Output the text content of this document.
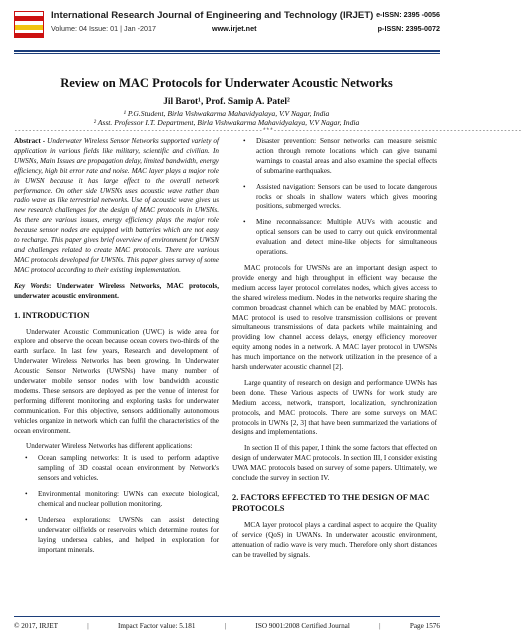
International Research Journal of Engineering and Technology (IRJET)
Volume: 04 Issue: 01 | Jan -2017	www.irjet.net
e-ISSN: 2395 -0056
p-ISSN: 2395-0072
Review on MAC Protocols for Underwater Acoustic Networks
Jil Barot¹, Prof. Samip A. Patel²
¹ P.G.Student, Birla Vishwakarma Mahavidyalaya, V.V Nagar, India
² Asst. Professor I.T. Department, Birla Vishwakarma Mahavidyalaya, V.V Nagar, India
---------------------------------------------------------------------***---------------------------------------------------------------------

Abstract - Underwater Wireless Sensor Networks supported variety of application in various fields like military, scientific and civilian. In UWSNs, Main Issues are propagation delay, limited bandwidth, energy efficiency, high bit error rate and noise. MAC layer plays a major role in UWSN because it has large effect to the overall network performance. On other side UWSNs uses acoustic wave rather than radio wave as like terrestrial networks. Use of acoustic wave gives us new research challenges for the design of MAC protocols in UWSNs. As there are various issues, energy efficiency plays the major role because sensor nodes are equipped with batteries which are not easy to recharge. This paper gives brief overview of environment for UWSN and challenges related to create MAC protocols. There are various MAC protocols developed for UWSNs. This paper gives survey of some MAC protocol according to their existing implementation.

Key Words: Underwater Wireless Networks, MAC protocols, underwater acoustic environment.

1. INTRODUCTION

Underwater Acoustic Communication (UWC) is wide area for explore and observe the ocean because ocean covers two-thirds of the earth surface. In last few years, Research and development of Underwater Wireless Networks has been growing. In Underwater Acoustic Sensor Networks (UWSNs) have many number of underwater mobile sensor nodes with low bandwidth acoustic modems. These sensors are deployed as per the venue of interest for performing different monitoring and exploring tasks for underwater communication. For this objective, sensors additionally autonomous vehicles organize in network which can fulfil the characteristics of the ocean environment.

Underwater Wireless Networks has different applications:

• Ocean sampling networks: It is used to perform adaptive sampling of 3D coastal ocean environment by Network's sensors and vehicles.
• Environmental monitoring: UWNs can execute biological, chemical and nuclear pollution monitoring.
• Undersea explorations: UWSNs can assist detecting underwater oilfields or reservoirs which determine routes for laying undersea cables, and helped in exploration for important minerals.
• Disaster prevention: Sensor networks can measure seismic action through remote locations which can give tsunami warnings to coastal areas and also examine the special effects of submarine earthquakes.
• Assisted navigation: Sensors can be used to locate dangerous rocks or shoals in shallow waters which gives mooring positions, submerged wrecks.
• Mine reconnaissance: Multiple AUVs with acoustic and optical sensors can be used to carry out quick environmental evaluation and detect mine-like objects for simultaneous operations.

MAC protocols for UWSNs are an important design aspect to provide energy and high throughput in efficient way because the medium access layer protocol correlates nodes, which gives access to the shared wireless medium. Nodes in the networks require sharing the common broadcast channel which can be enabled by MAC protocols. MAC protocol is used to resolve transmission collisions or prevent simultaneous transmissions of data packets while maintaining and providing low channel access delays, energy efficiency moreover equity among nodes in a network. A MAC layer protocol in UWSNs has much importance on the network utilization in the presence of a harsh underwater acoustic channel [2].

Large quantity of research on design and performance UWNs has been done. These Various aspects of UWNs for work study are Medium access, network, transport, localization, synchronization protocols, and MAC protocols. There are some surveys on MAC protocols in UWNs [2, 3] that have been summarized the variations of designs and implementations.

In section II of this paper, I think the some factors that effected on design of underwater MAC protocols. In section III, I consider existing UWA MAC protocols based on survey of some papers. Ultimately, we conclude the survey in section IV.

2. FACTORS EFFECTED TO THE DESIGN OF MAC PROTOCOLS

MCA layer protocol plays a cardinal aspect to acquire the Quality of service (QoS) in UWANs. In underwater acoustic environment, attenuation of radio wave is very much. Therefore only short distances can be travelled by signals.

© 2017, IRJET	|	Impact Factor value: 5.181	|	ISO 9001:2008 Certified Journal	|	Page 1576
